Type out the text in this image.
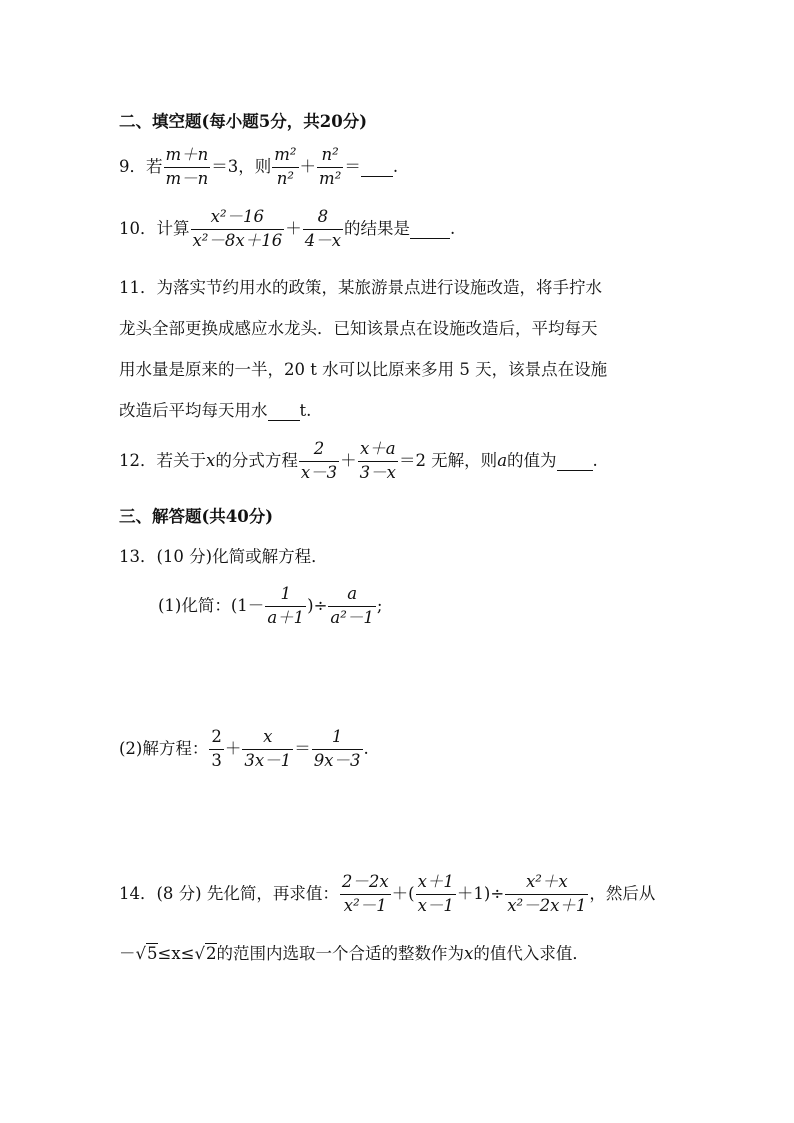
二、填空题(每小题5分，共20分)
9．若 $\frac{m+n}{m-n} =3$，则 $\frac{\text{m²}}{\text{n²}} + \frac{\text{n²}}{\text{m²}}$ ＝ .
10．计算 $\frac{\text{x²－16}}{\text{x²－8x＋16}} + \frac{8}{4-x}$ 的结果是 .
11．为落实节约用水的政策，某旅游景点进行设施改造，将手拧水
龙头全部更换成感应水龙头．已知该景点在设施改造后，平均每天
用水量是原来的一半，20 t 水可以比原来多用 5 天，该景点在设施
改造后平均每天用水 t.
12．若关于x的分式方程 $\frac{2}{x-3} + \frac{x+a}{3-x} =2$ 无解，则a的值为 .
三、解答题(共40分)
13．(10 分)化简或解方程．
(1)化简：($1- \frac{1}{a+1}$ )÷ $\frac{a}{\text{a²－1}}$ ;
(2)解方程： $\frac{2}{3} + \frac{x}{3x-1} = \frac{1}{9x-3}$ .
14．(8 分) 先化简，再求值： $\frac{2-2x}{\text{x²－1}}$ ＋( $\frac{x+1}{x-1} +1)\div \frac{\text{x²＋x}}{\text{x²－2x＋1}}$ ，然后从
－√5≤x≤√2的范围内选取一个合适的整数作为x的值代入求值．
